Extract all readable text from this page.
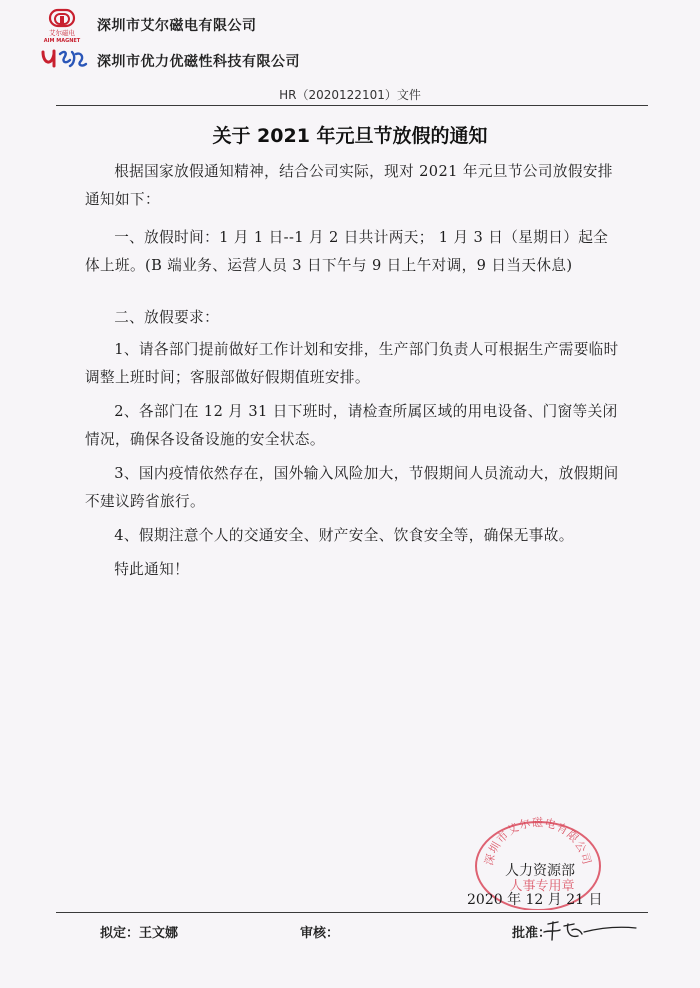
艾尔磁电
AIM MAGNET
深圳市艾尔磁电有限公司
深圳市优力优磁性科技有限公司
HR（2020122101）文件
关于 2021 年元旦节放假的通知

根据国家放假通知精神，结合公司实际，现对 2021 年元旦节公司放假安排通知如下：

一、放假时间：1 月 1 日--1 月 2 日共计两天； 1 月 3 日（星期日）起全体上班。(B 端业务、运营人员 3 日下午与 9 日上午对调，9 日当天休息)

二、放假要求：

1、请各部门提前做好工作计划和安排，生产部门负责人可根据生产需要临时调整上班时间；客服部做好假期值班安排。

2、各部门在 12 月 31 日下班时，请检查所属区域的用电设备、门窗等关闭情况，确保各设备设施的安全状态。

3、国内疫情依然存在，国外输入风险加大，节假期间人员流动大，放假期间不建议跨省旅行。

4、假期注意个人的交通安全、财产安全、饮食安全等，确保无事故。

特此通知！

深圳市艾尔磁电有限公司
人事专用章
人力资源部
2020 年 12 月 21 日
拟定：王文娜	审核：	批准：
